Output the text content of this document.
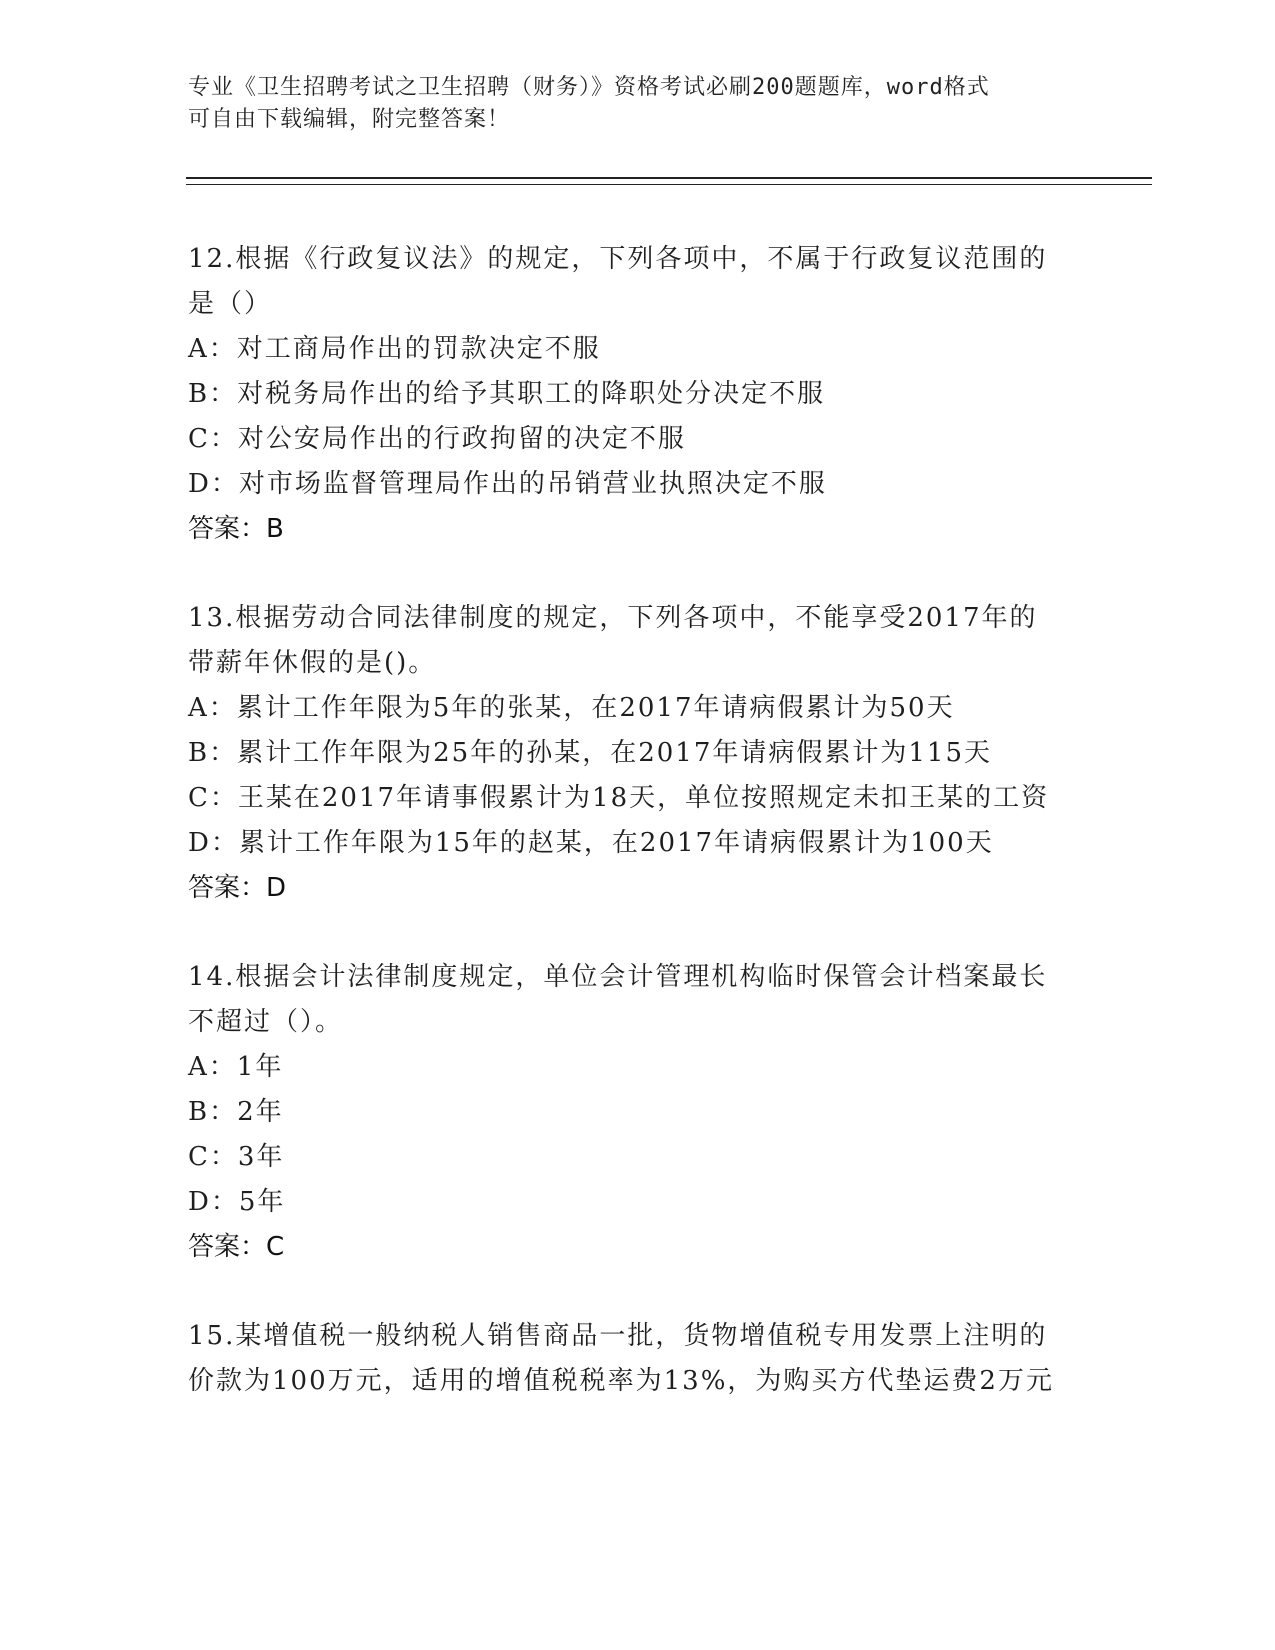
专业《卫生招聘考试之卫生招聘（财务）》资格考试必刷200题题库，word格式
可自由下载编辑，附完整答案！
12.根据《行政复议法》的规定，下列各项中，不属于行政复议范围的
是（）
A：对工商局作出的罚款决定不服
B：对税务局作出的给予其职工的降职处分决定不服
C：对公安局作出的行政拘留的决定不服
D：对市场监督管理局作出的吊销营业执照决定不服
答案：B
13.根据劳动合同法律制度的规定，下列各项中，不能享受2017年的
带薪年休假的是()。
A：累计工作年限为5年的张某，在2017年请病假累计为50天
B：累计工作年限为25年的孙某，在2017年请病假累计为115天
C：王某在2017年请事假累计为18天，单位按照规定未扣王某的工资
D：累计工作年限为15年的赵某，在2017年请病假累计为100天
答案：D
14.根据会计法律制度规定，单位会计管理机构临时保管会计档案最长
不超过（）。
A：1年
B：2年
C：3年
D：5年
答案：C
15.某增值税一般纳税人销售商品一批，货物增值税专用发票上注明的
价款为100万元，适用的增值税税率为13%，为购买方代垫运费2万元
